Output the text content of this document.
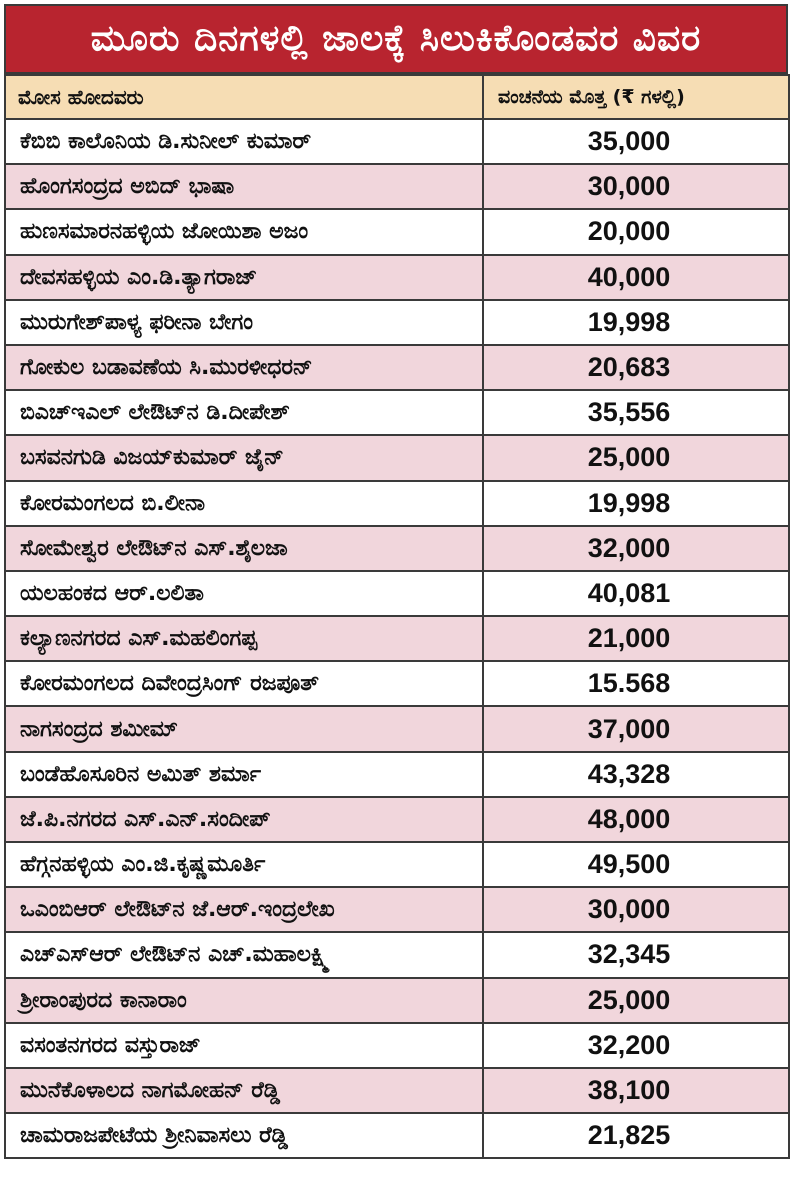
ಮೂರು ದಿನಗಳಲ್ಲಿ ಜಾಲಕ್ಕೆ ಸಿಲುಕಿಕೊಂಡವರ ವಿವರ
ಮೋಸ ಹೋದವರು	ವಂಚನೆಯ ಮೊತ್ತ (₹ ಗಳಲ್ಲಿ)
ಕೆಬಿಬಿ ಕಾಲೊನಿಯ ಡಿ.ಸುನೀಲ್ ಕುಮಾರ್	35,000
ಹೊಂಗಸಂದ್ರದ ಅಬಿದ್ ಭಾಷಾ	30,000
ಹುಣಸಮಾರನಹಳ್ಳಿಯ ಜೋಯಿಶಾ ಅಜಂ	20,000
ದೇವಸಹಳ್ಳಿಯ ಎಂ.ಡಿ.ತ್ಯಾಗರಾಜ್	40,000
ಮುರುಗೇಶ್‌ಪಾಳ್ಯ ಫರೀನಾ ಬೇಗಂ	19,998
ಗೋಕುಲ ಬಡಾವಣೆಯ ಸಿ.ಮುರಳೀಧರನ್	20,683
ಬಿಎಚ್‌ಇಎಲ್ ಲೇಔಟ್‌ನ ಡಿ.ದೀಪೇಶ್	35,556
ಬಸವನಗುಡಿ ವಿಜಯ್‌ಕುಮಾರ್ ಜೈನ್	25,000
ಕೋರಮಂಗಲದ ಬಿ.ಲೀನಾ	19,998
ಸೋಮೇಶ್ವರ ಲೇಔಟ್‌ನ ಎಸ್.ಶೈಲಜಾ	32,000
ಯಲಹಂಕದ ಆರ್.ಲಲಿತಾ	40,081
ಕಲ್ಯಾಣನಗರದ ಎಸ್.ಮಹಲಿಂಗಪ್ಪ	21,000
ಕೋರಮಂಗಲದ ದಿವೇಂದ್ರಸಿಂಗ್ ರಜಪೂತ್	15.568
ನಾಗಸಂದ್ರದ ಶಮೀಮ್	37,000
ಬಂಡೆಹೊಸೂರಿನ ಅಮಿತ್ ಶರ್ಮಾ	43,328
ಜೆ.ಪಿ.ನಗರದ ಎಸ್.ಎನ್.ಸಂದೀಪ್	48,000
ಹೆಗ್ಗನಹಳ್ಳಿಯ ಎಂ.ಜಿ.ಕೃಷ್ಣಮೂರ್ತಿ	49,500
ಒಎಂಬಿಆರ್ ಲೇಔಟ್‌ನ ಜೆ.ಆರ್.ಇಂದ್ರಲೇಖ	30,000
ಎಚ್ಎಸ್ಆರ್ ಲೇಔಟ್‌ನ ಎಚ್.ಮಹಾಲಕ್ಷ್ಮಿ	32,345
ಶ್ರೀರಾಂಪುರದ ಕಾನಾರಾಂ	25,000
ವಸಂತನಗರದ ವಸ್ತುರಾಜ್	32,200
ಮುನೆಕೊಳಾಲದ ನಾಗಮೋಹನ್ ರೆಡ್ಡಿ	38,100
ಚಾಮರಾಜಪೇಟೆಯ ಶ್ರೀನಿವಾಸಲು ರೆಡ್ಡಿ	21,825
